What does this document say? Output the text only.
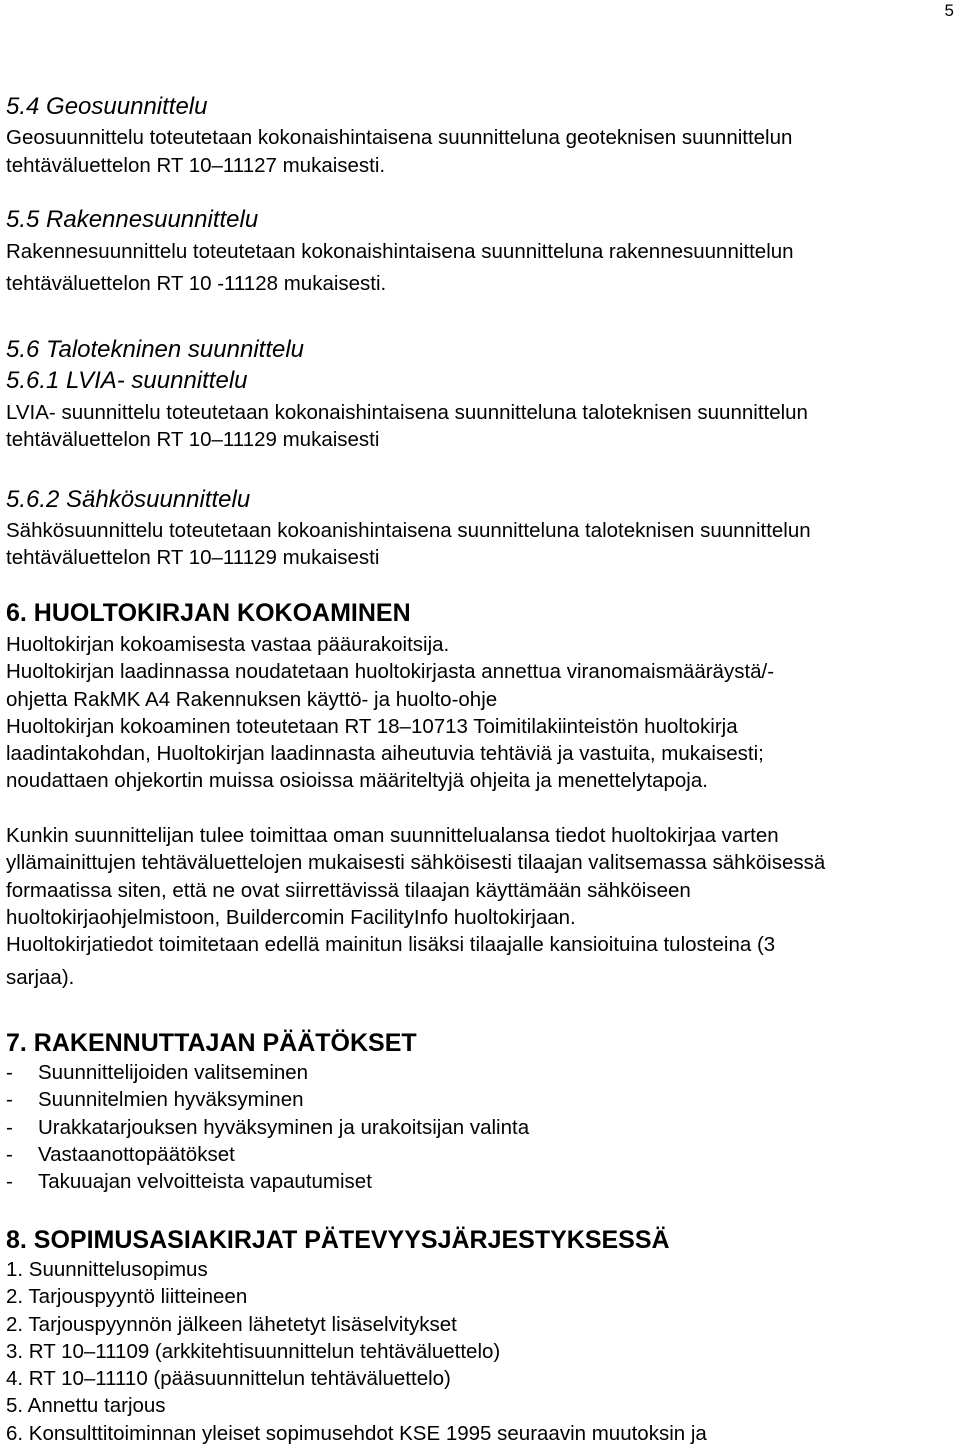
5
5.4 Geosuunnittelu
Geosuunnittelu toteutetaan kokonaishintaisena suunnitteluna geoteknisen suunnittelun
tehtäväluettelon RT 10–11127 mukaisesti.
5.5 Rakennesuunnittelu
Rakennesuunnittelu toteutetaan kokonaishintaisena suunnitteluna rakennesuunnittelun
tehtäväluettelon RT 10 -11128 mukaisesti.
5.6 Talotekninen suunnittelu
5.6.1 LVIA- suunnittelu
LVIA- suunnittelu toteutetaan kokonaishintaisena suunnitteluna taloteknisen suunnittelun
tehtäväluettelon RT 10–11129 mukaisesti
5.6.2 Sähkösuunnittelu
Sähkösuunnittelu toteutetaan kokoanishintaisena suunnitteluna taloteknisen suunnittelun
tehtäväluettelon RT 10–11129 mukaisesti
6. HUOLTOKIRJAN KOKOAMINEN
Huoltokirjan kokoamisesta vastaa pääurakoitsija.
Huoltokirjan laadinnassa noudatetaan huoltokirjasta annettua viranomaismääräystä/-
ohjetta RakMK A4 Rakennuksen käyttö- ja huolto-ohje
Huoltokirjan kokoaminen toteutetaan RT 18–10713 Toimitilakiinteistön huoltokirja
laadintakohdan, Huoltokirjan laadinnasta aiheutuvia tehtäviä ja vastuita, mukaisesti;
noudattaen ohjekortin muissa osioissa määriteltyjä ohjeita ja menettelytapoja.
Kunkin suunnittelijan tulee toimittaa oman suunnittelualansa tiedot huoltokirjaa varten
yllämainittujen tehtäväluettelojen mukaisesti sähköisesti tilaajan valitsemassa sähköisessä
formaatissa siten, että ne ovat siirrettävissä tilaajan käyttämään sähköiseen
huoltokirjaohjelmistoon, Buildercomin FacilityInfo huoltokirjaan.
Huoltokirjatiedot toimitetaan edellä mainitun lisäksi tilaajalle kansioituina tulosteina (3
sarjaa).
7. RAKENNUTTAJAN PÄÄTÖKSET
- Suunnittelijoiden valitseminen
- Suunnitelmien hyväksyminen
- Urakkatarjouksen hyväksyminen ja urakoitsijan valinta
- Vastaanottopäätökset
- Takuuajan velvoitteista vapautumiset
8. SOPIMUSASIAKIRJAT PÄTEVYYSJÄRJESTYKSESSÄ
1. Suunnittelusopimus
2. Tarjouspyyntö liitteineen
2. Tarjouspyynnön jälkeen lähetetyt lisäselvitykset
3. RT 10–11109 (arkkitehtisuunnittelun tehtäväluettelo)
4. RT 10–11110 (pääsuunnittelun tehtäväluettelo)
5. Annettu tarjous
6. Konsulttitoiminnan yleiset sopimusehdot KSE 1995 seuraavin muutoksin ja
